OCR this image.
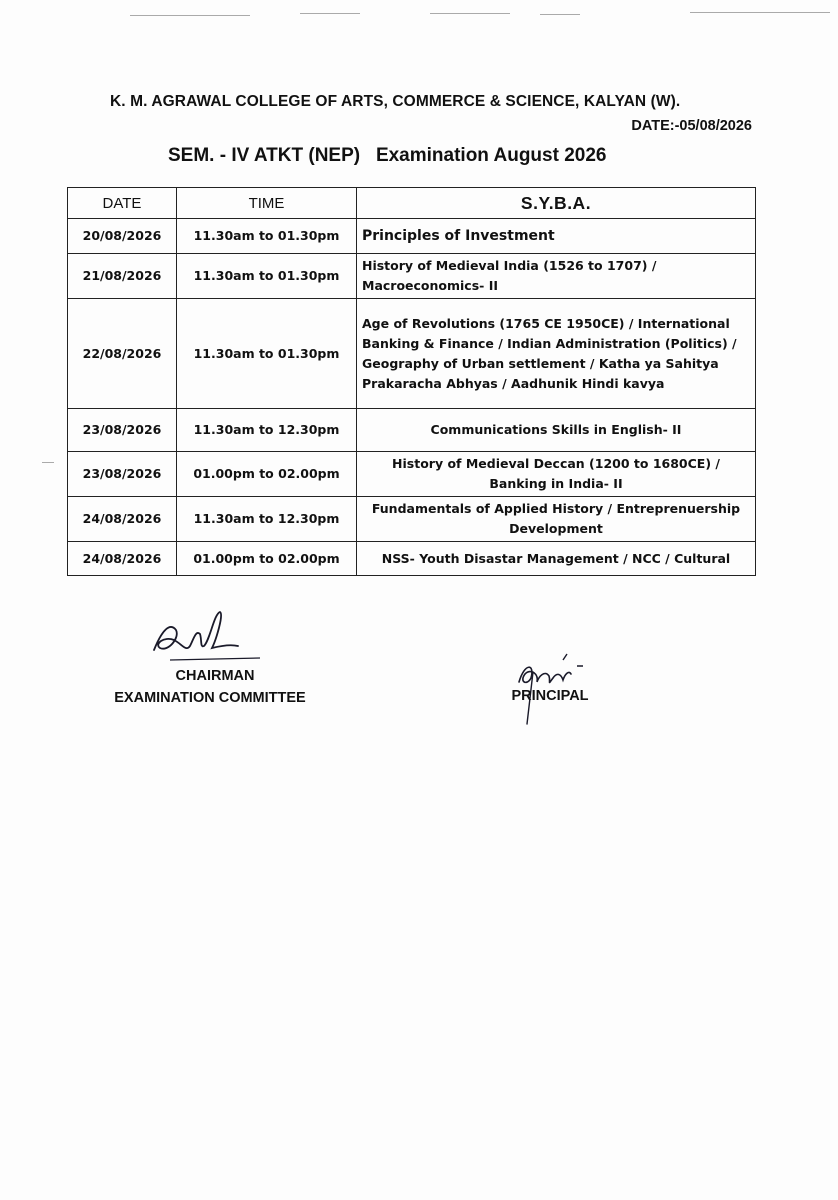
K. M. AGRAWAL COLLEGE OF ARTS, COMMERCE & SCIENCE, KALYAN (W).
DATE:-05/08/2026
SEM. - IV ATKT (NEP)   Examination August 2026
DATE	TIME	S.Y.B.A.
20/08/2026	11.30am to 01.30pm	Principles of Investment
21/08/2026	11.30am to 01.30pm	History of Medieval India (1526 to 1707) / Macroeconomics- II
22/08/2026	11.30am to 01.30pm	Age of Revolutions (1765 CE 1950CE) / International Banking & Finance / Indian Administration (Politics) / Geography of Urban settlement / Katha ya Sahitya Prakaracha Abhyas / Aadhunik Hindi kavya
23/08/2026	11.30am to 12.30pm	Communications Skills in English- II
23/08/2026	01.00pm to 02.00pm	History of Medieval Deccan (1200 to 1680CE) / Banking in India- II
24/08/2026	11.30am to 12.30pm	Fundamentals of Applied History / Entreprenuership Development
24/08/2026	01.00pm to 02.00pm	NSS- Youth Disastar Management / NCC / Cultural
CHAIRMAN
EXAMINATION COMMITTEE	PRINCIPAL
